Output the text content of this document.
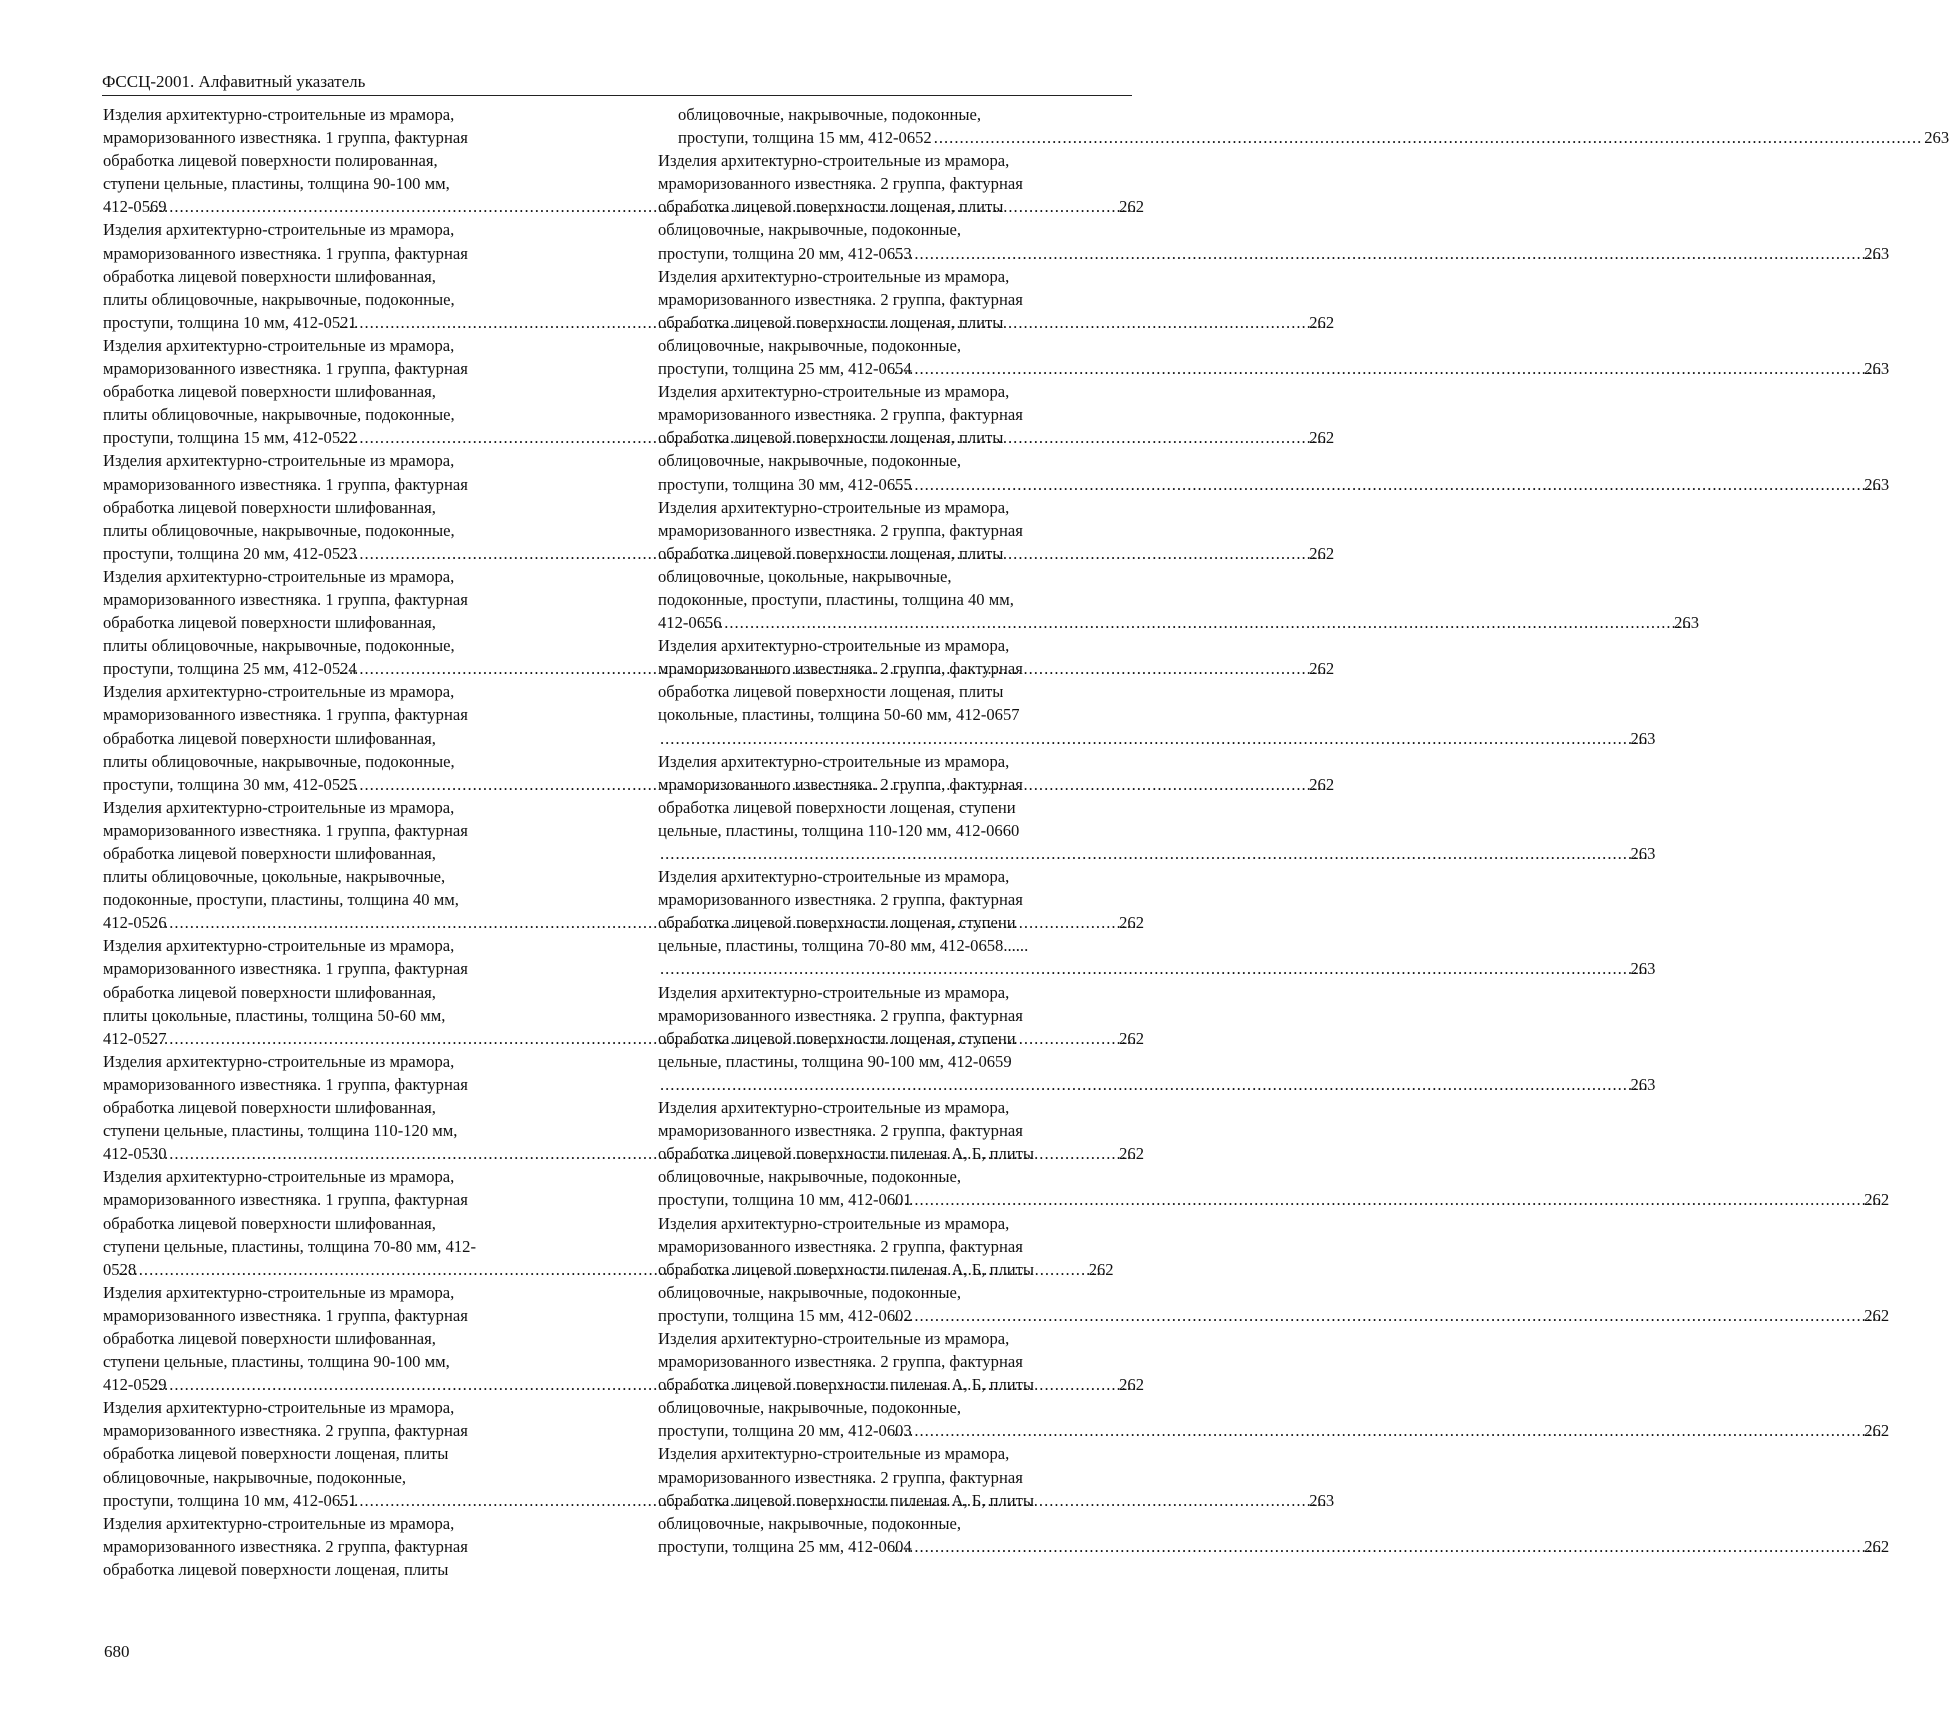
ФССЦ-2001. Алфавитный указатель
Изделия архитектурно-строительные из мрамора,
мраморизованного известняка. 1 группа, фактурная
обработка лицевой поверхности полированная,
ступени цельные, пластины, толщина 90-100 мм,
412-0569 .....	262
Изделия архитектурно-строительные из мрамора,
мраморизованного известняка. 1 группа, фактурная
обработка лицевой поверхности шлифованная,
плиты облицовочные, накрывочные, подоконные,
проступи, толщина 10 мм, 412-0521 .....	262
Изделия архитектурно-строительные из мрамора,
мраморизованного известняка. 1 группа, фактурная
обработка лицевой поверхности шлифованная,
плиты облицовочные, накрывочные, подоконные,
проступи, толщина 15 мм, 412-0522 .....	262
Изделия архитектурно-строительные из мрамора,
мраморизованного известняка. 1 группа, фактурная
обработка лицевой поверхности шлифованная,
плиты облицовочные, накрывочные, подоконные,
проступи, толщина 20 мм, 412-0523 .....	262
Изделия архитектурно-строительные из мрамора,
мраморизованного известняка. 1 группа, фактурная
обработка лицевой поверхности шлифованная,
плиты облицовочные, накрывочные, подоконные,
проступи, толщина 25 мм, 412-0524 .....	262
Изделия архитектурно-строительные из мрамора,
мраморизованного известняка. 1 группа, фактурная
обработка лицевой поверхности шлифованная,
плиты облицовочные, накрывочные, подоконные,
проступи, толщина 30 мм, 412-0525 .....	262
Изделия архитектурно-строительные из мрамора,
мраморизованного известняка. 1 группа, фактурная
обработка лицевой поверхности шлифованная,
плиты облицовочные, цокольные, накрывочные,
подоконные, проступи, пластины, толщина 40 мм,
412-0526 .....	262
Изделия архитектурно-строительные из мрамора,
мраморизованного известняка. 1 группа, фактурная
обработка лицевой поверхности шлифованная,
плиты цокольные, пластины, толщина 50-60 мм,
412-0527 .....	262
Изделия архитектурно-строительные из мрамора,
мраморизованного известняка. 1 группа, фактурная
обработка лицевой поверхности шлифованная,
ступени цельные, пластины, толщина 110-120 мм,
412-0530 .....	262
Изделия архитектурно-строительные из мрамора,
мраморизованного известняка. 1 группа, фактурная
обработка лицевой поверхности шлифованная,
ступени цельные, пластины, толщина 70-80 мм, 412-
0528 .....	262
Изделия архитектурно-строительные из мрамора,
мраморизованного известняка. 1 группа, фактурная
обработка лицевой поверхности шлифованная,
ступени цельные, пластины, толщина 90-100 мм,
412-0529 .....	262
Изделия архитектурно-строительные из мрамора,
мраморизованного известняка. 2 группа, фактурная
обработка лицевой поверхности лощеная, плиты
облицовочные, накрывочные, подоконные,
проступи, толщина 10 мм, 412-0651 .....	263
Изделия архитектурно-строительные из мрамора,
мраморизованного известняка. 2 группа, фактурная
обработка лицевой поверхности лощеная, плиты
облицовочные, накрывочные, подоконные,
проступи, толщина 15 мм, 412-0652 .....	263
Изделия архитектурно-строительные из мрамора,
мраморизованного известняка. 2 группа, фактурная
обработка лицевой поверхности лощеная, плиты
облицовочные, накрывочные, подоконные,
проступи, толщина 20 мм, 412-0653 .....	263
Изделия архитектурно-строительные из мрамора,
мраморизованного известняка. 2 группа, фактурная
обработка лицевой поверхности лощеная, плиты
облицовочные, накрывочные, подоконные,
проступи, толщина 25 мм, 412-0654 .....	263
Изделия архитектурно-строительные из мрамора,
мраморизованного известняка. 2 группа, фактурная
обработка лицевой поверхности лощеная, плиты
облицовочные, накрывочные, подоконные,
проступи, толщина 30 мм, 412-0655 .....	263
Изделия архитектурно-строительные из мрамора,
мраморизованного известняка. 2 группа, фактурная
обработка лицевой поверхности лощеная, плиты
облицовочные, цокольные, накрывочные,
подоконные, проступи, пластины, толщина 40 мм,
412-0656 .....	263
Изделия архитектурно-строительные из мрамора,
мраморизованного известняка. 2 группа, фактурная
обработка лицевой поверхности лощеная, плиты
цокольные, пластины, толщина 50-60 мм, 412-0657
.....
263
Изделия архитектурно-строительные из мрамора,
мраморизованного известняка. 2 группа, фактурная
обработка лицевой поверхности лощеная, ступени
цельные, пластины, толщина 110-120 мм, 412-0660
.....
263
Изделия архитектурно-строительные из мрамора,
мраморизованного известняка. 2 группа, фактурная
обработка лицевой поверхности лощеная, ступени
цельные, пластины, толщина 70-80 мм, 412-0658......
.....
263
Изделия архитектурно-строительные из мрамора,
мраморизованного известняка. 2 группа, фактурная
обработка лицевой поверхности лощеная, ступени
цельные, пластины, толщина 90-100 мм, 412-0659
.....
263
Изделия архитектурно-строительные из мрамора,
мраморизованного известняка. 2 группа, фактурная
обработка лицевой поверхности пиленая А, Б, плиты
облицовочные, накрывочные, подоконные,
проступи, толщина 10 мм, 412-0601 .....	262
Изделия архитектурно-строительные из мрамора,
мраморизованного известняка. 2 группа, фактурная
обработка лицевой поверхности пиленая А, Б, плиты
облицовочные, накрывочные, подоконные,
проступи, толщина 15 мм, 412-0602 .....	262
Изделия архитектурно-строительные из мрамора,
мраморизованного известняка. 2 группа, фактурная
обработка лицевой поверхности пиленая А, Б, плиты
облицовочные, накрывочные, подоконные,
проступи, толщина 20 мм, 412-0603 .....	262
Изделия архитектурно-строительные из мрамора,
мраморизованного известняка. 2 группа, фактурная
обработка лицевой поверхности пиленая А, Б, плиты
облицовочные, накрывочные, подоконные,
проступи, толщина 25 мм, 412-0604 .....	262
680
